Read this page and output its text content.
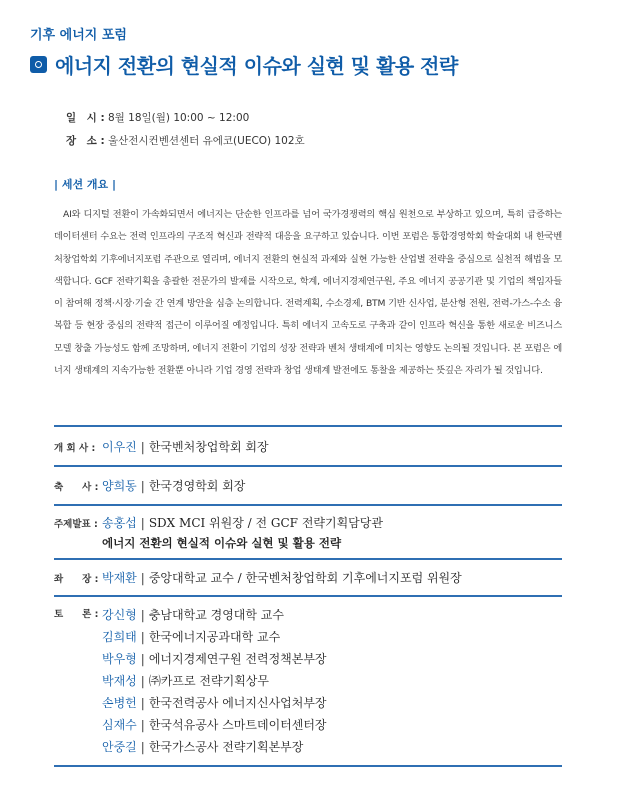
기후 에너지 포럼
에너지 전환의 현실적 이슈와 실현 및 활용 전략
일　시 : 8월 18일(월) 10:00 ~ 12:00
장　소 : 울산전시컨벤션센터 유에코(UECO) 102호
| 세션 개요 |
AI와 디지털 전환이 가속화되면서 에너지는 단순한 인프라를 넘어 국가경쟁력의 핵심 원천으로 부상하고 있으며, 특히 급증하는 데이터센터 수요는 전력 인프라의 구조적 혁신과 전략적 대응을 요구하고 있습니다. 이번 포럼은 통합경영학회 학술대회 내 한국벤처창업학회 기후에너지포럼 주관으로 열리며, 에너지 전환의 현실적 과제와 실현 가능한 산업별 전략을 중심으로 실천적 해법을 모색합니다. GCF 전략기획을 총괄한 전문가의 발제를 시작으로, 학계, 에너지경제연구원, 주요 에너지 공공기관 및 기업의 책임자들이 참여해 정책·시장·기술 간 연계 방안을 심층 논의합니다. 전력계획, 수소경제, BTM 기반 신사업, 분산형 전원, 전력-가스-수소 융복합 등 현장 중심의 전략적 접근이 이루어질 예정입니다. 특히 에너지 고속도로 구축과 같이 인프라 혁신을 통한 새로운 비즈니스 모델 창출 가능성도 함께 조망하며, 에너지 전환이 기업의 성장 전략과 벤처 생태계에 미치는 영향도 논의될 것입니다. 본 포럼은 에너지 생태계의 지속가능한 전환뿐 아니라 기업 경영 전략과 창업 생태계 발전에도 통찰을 제공하는 뜻깊은 자리가 될 것입니다.
개 회 사 : 이우진 | 한국벤처창업학회 회장
축　　사 : 양희동 | 한국경영학회 회장
주제발표 : 송홍섭 | SDX MCI 위원장 / 전 GCF 전략기획담당관
에너지 전환의 현실적 이슈와 실현 및 활용 전략
좌　　장 : 박재환 | 중앙대학교 교수 / 한국벤처창업학회 기후에너지포럼 위원장
토　　론 : 강신형 | 충남대학교 경영대학 교수
김희태 | 한국에너지공과대학 교수
박우형 | 에너지경제연구원 전력정책본부장
박재성 | ㈜카프로 전략기획상무
손병헌 | 한국전력공사 에너지신사업처부장
심재수 | 한국석유공사 스마트데이터센터장
안중길 | 한국가스공사 전략기획본부장
